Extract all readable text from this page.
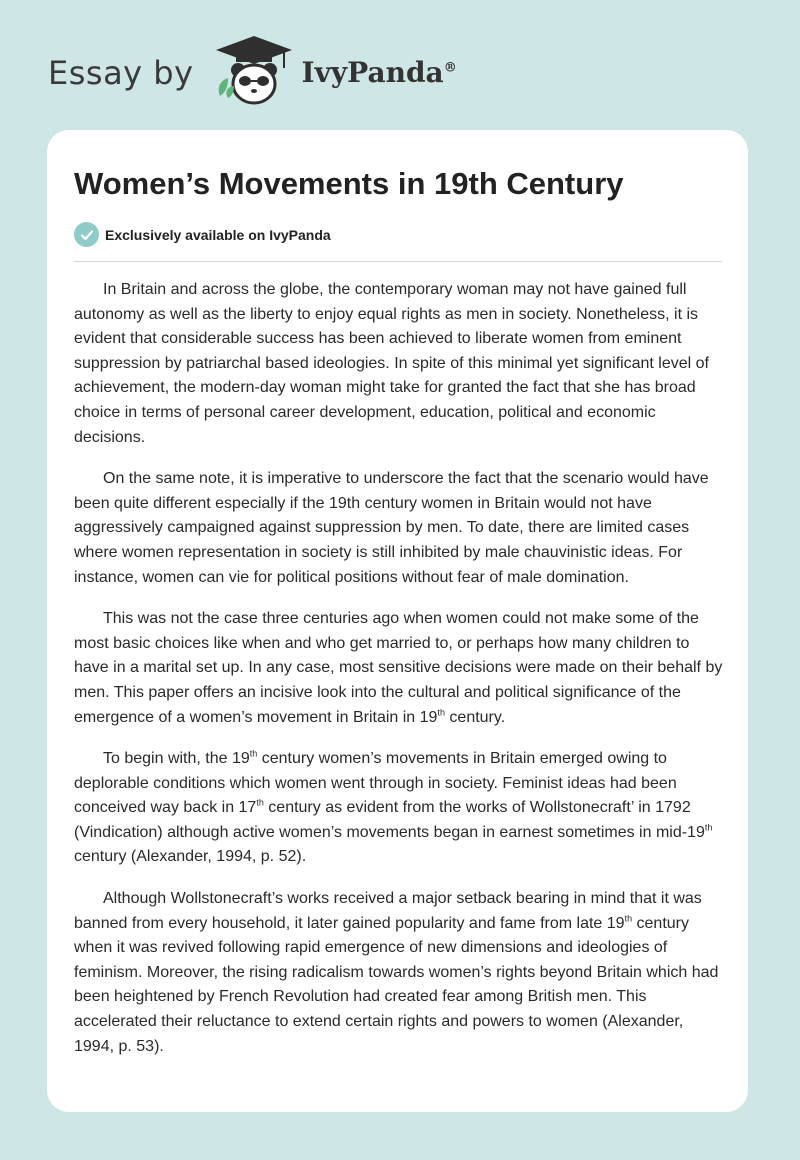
Essay by	IvyPanda®
Women’s Movements in 19th Century
Exclusively available on IvyPanda

In Britain and across the globe, the contemporary woman may not have gained full autonomy as well as the liberty to enjoy equal rights as men in society. Nonetheless, it is evident that considerable success has been achieved to liberate women from eminent suppression by patriarchal based ideologies. In spite of this minimal yet significant level of achievement, the modern-day woman might take for granted the fact that she has broad choice in terms of personal career development, education, political and economic decisions.

On the same note, it is imperative to underscore the fact that the scenario would have been quite different especially if the 19th century women in Britain would not have aggressively campaigned against suppression by men. To date, there are limited cases where women representation in society is still inhibited by male chauvinistic ideas. For instance, women can vie for political positions without fear of male domination.

This was not the case three centuries ago when women could not make some of the most basic choices like when and who get married to, or perhaps how many children to have in a marital set up. In any case, most sensitive decisions were made on their behalf by men. This paper offers an incisive look into the cultural and political significance of the emergence of a women’s movement in Britain in 19th century.

To begin with, the 19th century women’s movements in Britain emerged owing to deplorable conditions which women went through in society. Feminist ideas had been conceived way back in 17th century as evident from the works of Wollstonecraft’ in 1792 (Vindication) although active women’s movements began in earnest sometimes in mid-19th century (Alexander, 1994, p. 52).

Although Wollstonecraft’s works received a major setback bearing in mind that it was banned from every household, it later gained popularity and fame from late 19th century when it was revived following rapid emergence of new dimensions and ideologies of feminism. Moreover, the rising radicalism towards women’s rights beyond Britain which had been heightened by French Revolution had created fear among British men. This accelerated their reluctance to extend certain rights and powers to women (Alexander, 1994, p. 53).
